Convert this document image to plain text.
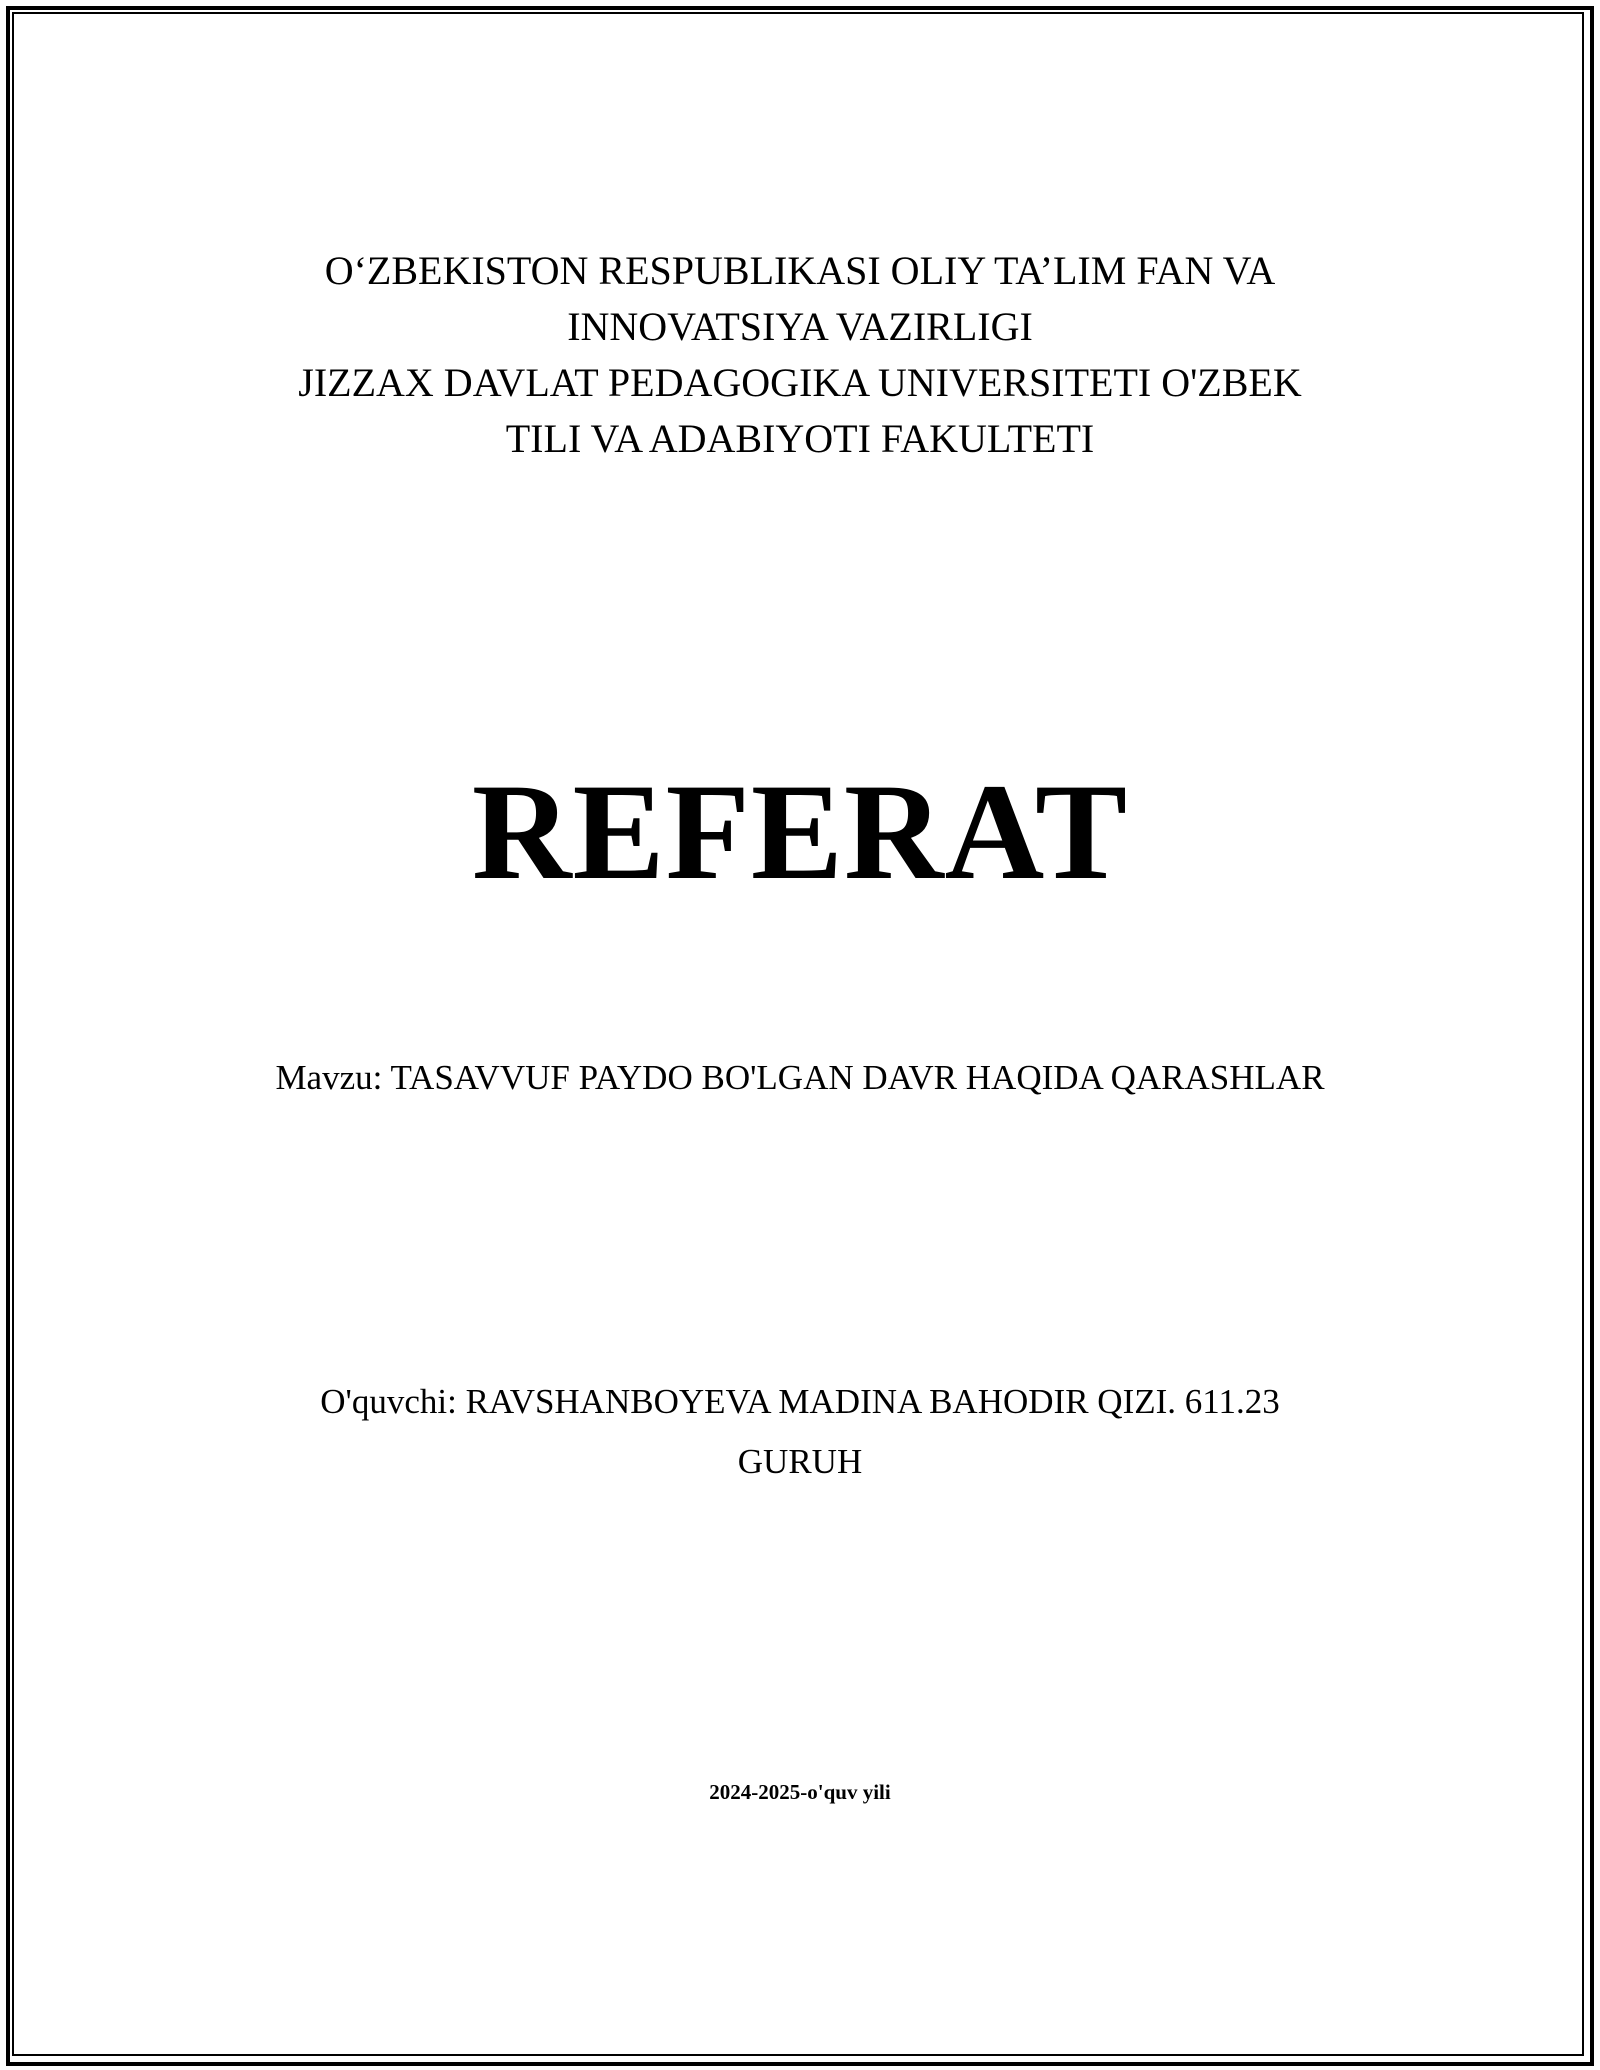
O‘ZBEKISTON RESPUBLIKASI OLIY TA’LIM FAN VA
INNOVATSIYA VAZIRLIGI
JIZZAX DAVLAT PEDAGOGIKA UNIVERSITETI O'ZBEK
TILI VA ADABIYOTI FAKULTETI
REFERAT
Mavzu: TASAVVUF PAYDO BO'LGAN DAVR HAQIDA QARASHLAR
O'quvchi: RAVSHANBOYEVA MADINA BAHODIR QIZI. 611.23
GURUH
2024-2025-o'quv yili
